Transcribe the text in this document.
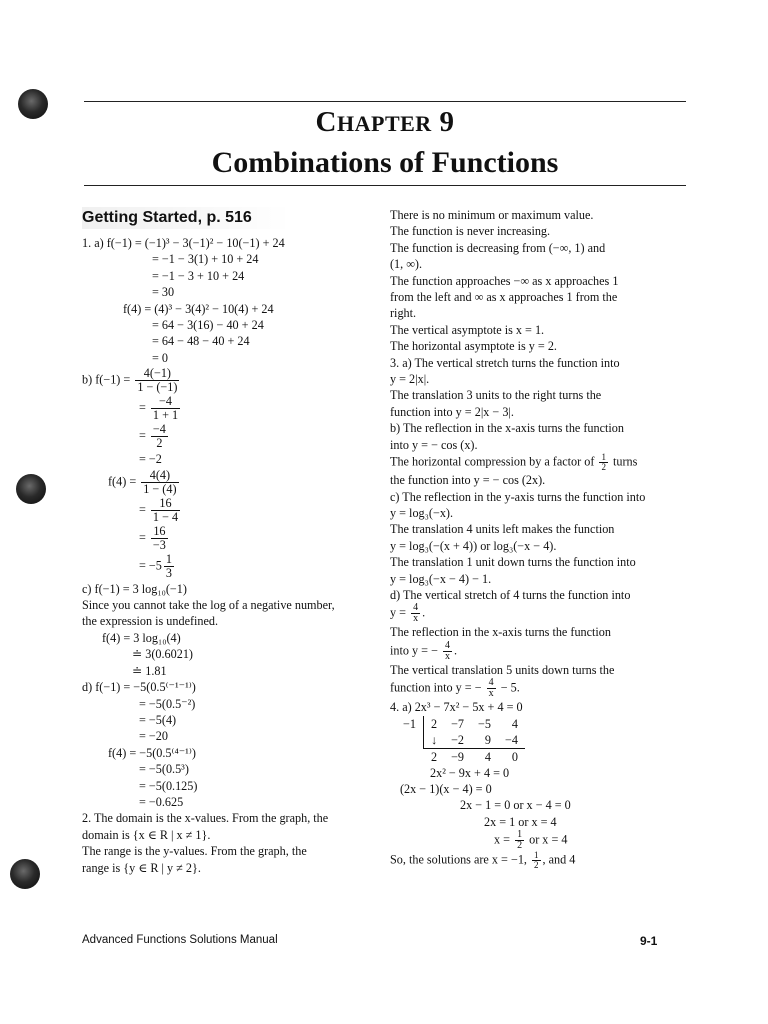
CHAPTER 9
Combinations of Functions
Getting Started, p. 516
1. a) f(−1) = (−1)³ − 3(−1)² − 10(−1) + 24
= −1 − 3(1) + 10 + 24
= −1 − 3 + 10 + 24
= 30
f(4) = (4)³ − 3(4)² − 10(4) + 24
= 64 − 3(16) − 40 + 24
= 64 − 48 − 40 + 24
= 0
b) $f(-1) = \frac{4(-1)}{1 - (-1)}$
= $\frac{-4}{1 + 1}$
= $\frac{-4}{2}$
= −2
$f(4) = \frac{4(4)}{1 - (4)}$
= $\frac{16}{1 - 4}$
= $\frac{16}{-3}$
= $-5 \frac{1}{3}$
c) f(−1) = 3 log₁₀(−1)
Since you cannot take the log of a negative number,
the expression is undefined.
f(4) = 3 log₁₀(4)
≐ 3(0.6021)
≐ 1.81
d) f(−1) = −5(0.5⁽⁻¹⁻¹⁾)
= −5(0.5⁻²)
= −5(4)
= −20
f(4) = −5(0.5⁽⁴⁻¹⁾)
= −5(0.5³)
= −5(0.125)
= −0.625
2. The domain is the x-values. From the graph, the
domain is {x ∈ R | x ≠ 1}.
The range is the y-values. From the graph, the
range is {y ∈ R | y ≠ 2}.
There is no minimum or maximum value.
The function is never increasing.
The function is decreasing from (−∞, 1) and
(1, ∞).
The function approaches −∞ as x approaches 1
from the left and ∞ as x approaches 1 from the
right.
The vertical asymptote is x = 1.
The horizontal asymptote is y = 2.
3. a) The vertical stretch turns the function into
y = 2|x|.
The translation 3 units to the right turns the
function into y = 2|x − 3|.
b) The reflection in the x-axis turns the function
into y = − cos (x).
The horizontal compression by a factor of $\frac{1}{2}$ turns
the function into y = − cos (2x).
c) The reflection in the y-axis turns the function into
y = log₃(−x).
The translation 4 units left makes the function
y = log₃(−(x + 4)) or log₃(−x − 4).
The translation 1 unit down turns the function into
y = log₃(−x − 4) − 1.
d) The vertical stretch of 4 turns the function into
$y = \frac{4}{x}$ .
The reflection in the x-axis turns the function
into y = − $\frac{4}{x}$ .
The vertical translation 5 units down turns the
function into y = − $\frac{4}{x} - 5$.
4. a) 2x³ − 7x² − 5x + 4 = 0
−1	2	−7	−5	4
	↓	−2	9	−4
	2	−9	4	0
2x² − 9x + 4 = 0
(2x − 1)(x − 4) = 0
2x − 1 = 0 or x − 4 = 0
2x = 1 or x = 4
$x = \frac{1}{2}$ or x = 4
So, the solutions are x = −1, $\frac{1}{2}$ , and 4
Advanced Functions Solutions Manual	9-1
